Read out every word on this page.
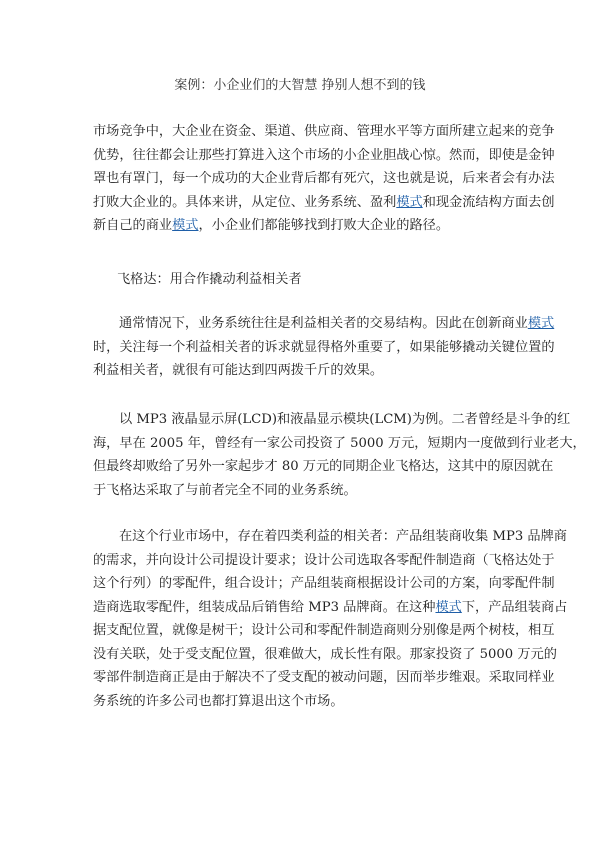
案例：小企业们的大智慧 挣别人想不到的钱
市场竞争中，大企业在资金、渠道、供应商、管理水平等方面所建立起来的竞争
优势，往往都会让那些打算进入这个市场的小企业胆战心惊。然而，即使是金钟
罩也有罩门，每一个成功的大企业背后都有死穴，这也就是说，后来者会有办法
打败大企业的。具体来讲，从定位、业务系统、盈利模式和现金流结构方面去创
新自己的商业模式，小企业们都能够找到打败大企业的路径。
飞格达：用合作撬动利益相关者
通常情况下，业务系统往往是利益相关者的交易结构。因此在创新商业模式
时，关注每一个利益相关者的诉求就显得格外重要了，如果能够撬动关键位置的
利益相关者，就很有可能达到四两拨千斤的效果。
以 MP3 液晶显示屏(LCD)和液晶显示模块(LCM)为例。二者曾经是斗争的红
海，早在 2005 年，曾经有一家公司投资了 5000 万元，短期内一度做到行业老大，
但最终却败给了另外一家起步才 80 万元的同期企业飞格达，这其中的原因就在
于飞格达采取了与前者完全不同的业务系统。
在这个行业市场中，存在着四类利益的相关者：产品组装商收集 MP3 品牌商
的需求，并向设计公司提设计要求；设计公司选取各零配件制造商（飞格达处于
这个行列）的零配件，组合设计；产品组装商根据设计公司的方案，向零配件制
造商选取零配件，组装成品后销售给 MP3 品牌商。在这种模式下，产品组装商占
据支配位置，就像是树干；设计公司和零配件制造商则分别像是两个树枝，相互
没有关联，处于受支配位置，很难做大，成长性有限。那家投资了 5000 万元的
零部件制造商正是由于解决不了受支配的被动问题，因而举步维艰。采取同样业
务系统的许多公司也都打算退出这个市场。
